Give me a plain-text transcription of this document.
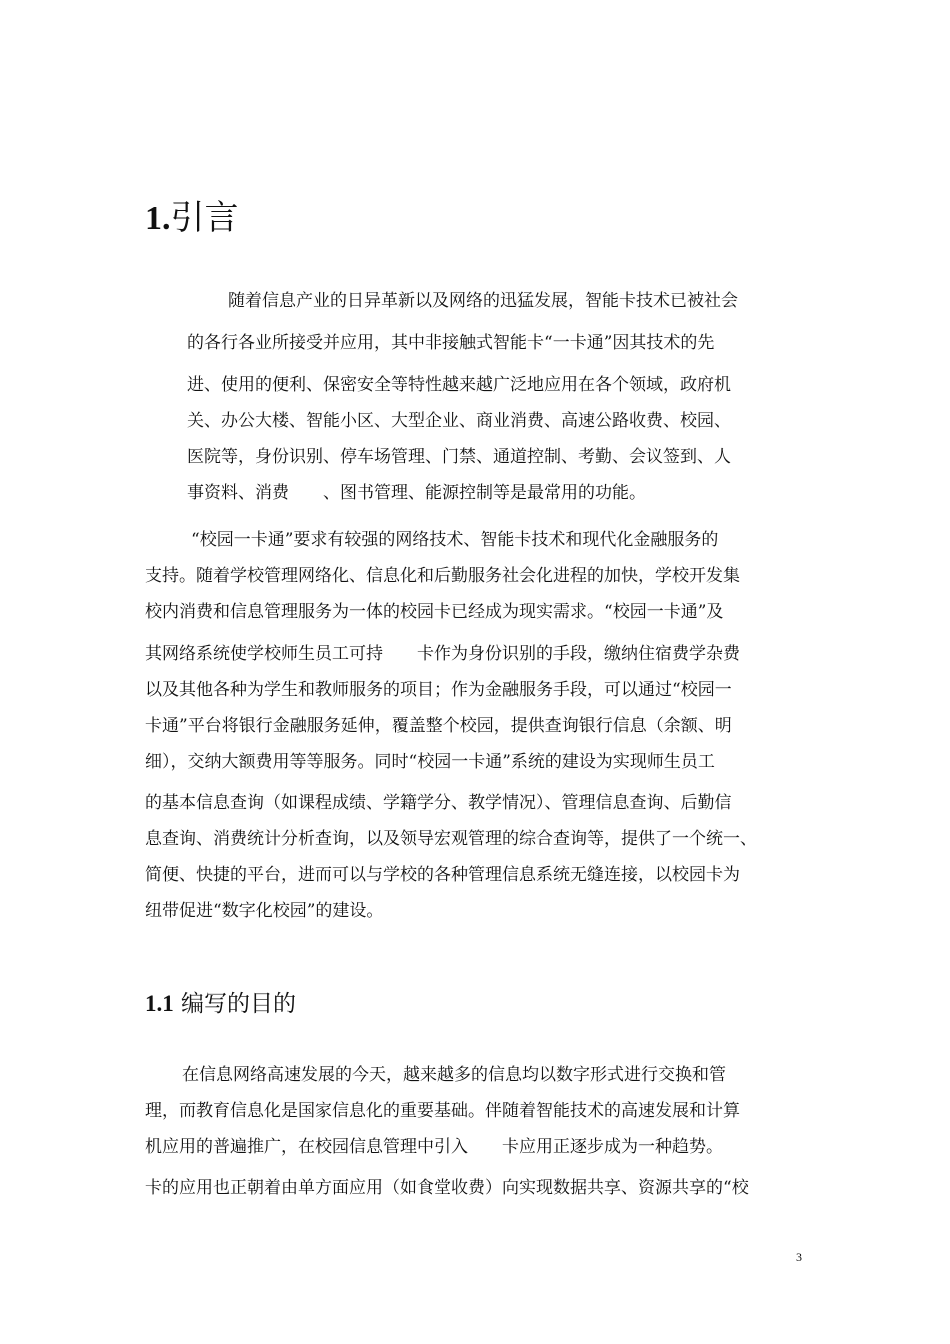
1.引言
随着信息产业的日异革新以及网络的迅猛发展，智能卡技术已被社会
的各行各业所接受并应用，其中非接触式智能卡“一卡通”因其技术的先
进、使用的便利、保密安全等特性越来越广泛地应用在各个领域，政府机
关、办公大楼、智能小区、大型企业、商业消费、高速公路收费、校园、
医院等，身份识别、停车场管理、门禁、通道控制、考勤、会议签到、人
事资料、消费　　、图书管理、能源控制等是最常用的功能。
“校园一卡通”要求有较强的网络技术、智能卡技术和现代化金融服务的
支持。随着学校管理网络化、信息化和后勤服务社会化进程的加快，学校开发集
校内消费和信息管理服务为一体的校园卡已经成为现实需求。“校园一卡通”及
其网络系统使学校师生员工可持　　卡作为身份识别的手段，缴纳住宿费学杂费
以及其他各种为学生和教师服务的项目；作为金融服务手段，可以通过“校园一
卡通”平台将银行金融服务延伸，覆盖整个校园，提供查询银行信息（余额、明
细），交纳大额费用等等服务。同时“校园一卡通”系统的建设为实现师生员工
的基本信息查询（如课程成绩、学籍学分、教学情况）、管理信息查询、后勤信
息查询、消费统计分析查询，以及领导宏观管理的综合查询等，提供了一个统一、
简便、快捷的平台，进而可以与学校的各种管理信息系统无缝连接，以校园卡为
纽带促进“数字化校园”的建设。
1.1 编写的目的
在信息网络高速发展的今天，越来越多的信息均以数字形式进行交换和管
理，而教育信息化是国家信息化的重要基础。伴随着智能技术的高速发展和计算
机应用的普遍推广，在校园信息管理中引入　　卡应用正逐步成为一种趋势。
卡的应用也正朝着由单方面应用（如食堂收费）向实现数据共享、资源共享的“校
3
